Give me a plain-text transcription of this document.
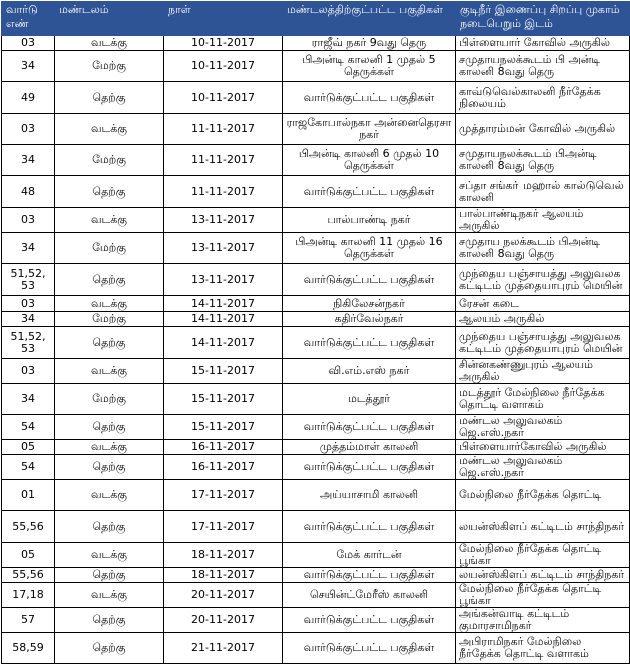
வார்டு எண்	மண்டலம்	நாள்	மண்டலத்திற்குட்பட்ட பகுதிகள்	குடிநீர் இணைப்பு சிறப்பு முகாம் நடைபெறும் இடம்
03	வடக்கு	10-11-2017	ராஜீவ் நகர் 9வது தெரு	பிள்ளையார் கோவில் அருகில்
34	மேற்கு	10-11-2017	பிஅன்டி காலனி 1 முதல் 5 தெருக்கள்	சமுதாயநலக்கூடம் பி அன்டி காலனி 8வது தெரு
49	தெற்கு	10-11-2017	வார்டுக்குட்பட்ட பகுதிகள்	காவ்டுவெல்காலனி நீர்தேக்க நிலையம்
03	வடக்கு	11-11-2017	ராஜகோபால்நகா அன்னைதெரசா நகர்	முத்தாரம்மன் கோவில் அருகில்
34	மேற்கு	11-11-2017	பிஅன்டி காலனி 6 முதல் 10 தெருக்கள்	சமுதாயநலக்கூடம் பிஅன்டி காலனி 8வது தெரு
48	தெற்கு	11-11-2017	வார்டுக்குட்பட்ட பகுதிகள்	சப்தா சங்கா் மஹால் கால்டுவெல் காலனி
03	வடக்கு	13-11-2017	பால்பாண்டி நகர்	பால்பாண்டிநகர் ஆலயம் அருகில்
34	மேற்கு	13-11-2017	பிஅன்டி காலனி 11 முதல் 16 தெருக்கள்	சமுதாய நலக்கூடம் பிஅன்டி காலனி 8வது தெரு
51,52, 53	தெற்கு	13-11-2017	வார்டுக்குட்பட்ட பகுதிகள்	முந்தைய பஞ்சாயத்து அலுவலக கட்டிடம் முத்தையாபுரம் மெயின்
03	வடக்கு	14-11-2017	நிகிலேசன்நகர்	ரேசன் கடை
34	மேற்கு	14-11-2017	கதிர்வேல்நகர்	ஆலயம் அருகில்
51,52, 53	தெற்கு	14-11-2017	வார்டுக்குட்பட்ட பகுதிகள்	முந்தைய பஞ்சாயத்து அலுவலக கட்டிடம் முத்தையாபுரம் மெயின்
03	வடக்கு	15-11-2017	வி.எம்.எஸ் நகர்	சின்னகண்ணுபுரம் ஆலயம் அருகில்
34	மேற்கு	15-11-2017	மடத்தூர்	மடத்தூர் மேல்நிலை நீர்தேக்க தொட்டி வளாகம்
54	தெற்கு	15-11-2017	வார்டுக்குட்பட்ட பகுதிகள்	மண்டல அலுவலகம் ஜெ.எஸ்.நகர்
05	வடக்கு	16-11-2017	முத்தம்மாள் காலனி	பிள்ளையார்கோவில் அருகில்
54	தெற்கு	16-11-2017	வார்டுக்குட்பட்ட பகுதிகள்	மண்டல அலுவலகம் ஜெ.எஸ்.நகர்
01	வடக்கு	17-11-2017	அய்யாசாமி காலனி	மேல்நிலை நீர்தேக்க தொட்டி
55,56	தெற்கு	17-11-2017	வார்டுக்குட்பட்ட பகுதிகள்	லயன்ஸ்கிளப் கட்டிடம் சாந்திநகர்
05	வடக்கு	18-11-2017	மேக் கார்டன்	மேல்நிலை நீர்தேக்க தொட்டி பூங்கா
55,56	தெற்கு	18-11-2017	வார்டுக்குட்பட்ட பகுதிகள்	லயன்ஸ்கிளப் கட்டிடம் சாந்திநகர்
17,18	வடக்கு	20-11-2017	செயின்ட்மேரீஸ் காலனி	மேல்நிலை நீர்தேக்க தொட்டி பூங்கா
57	தெற்கு	20-11-2017	வார்டுக்குட்பட்ட பகுதிகள்	அங்கன்வாடி கட்டிடம் குமாரசாமிநகர்
58,59	தெற்கு	21-11-2017	வார்டுக்குட்பட்ட பகுதிகள்	அபிராமிநகர் மேல்நிலை நீர்தேக்க தொட்டி வளாகம்
